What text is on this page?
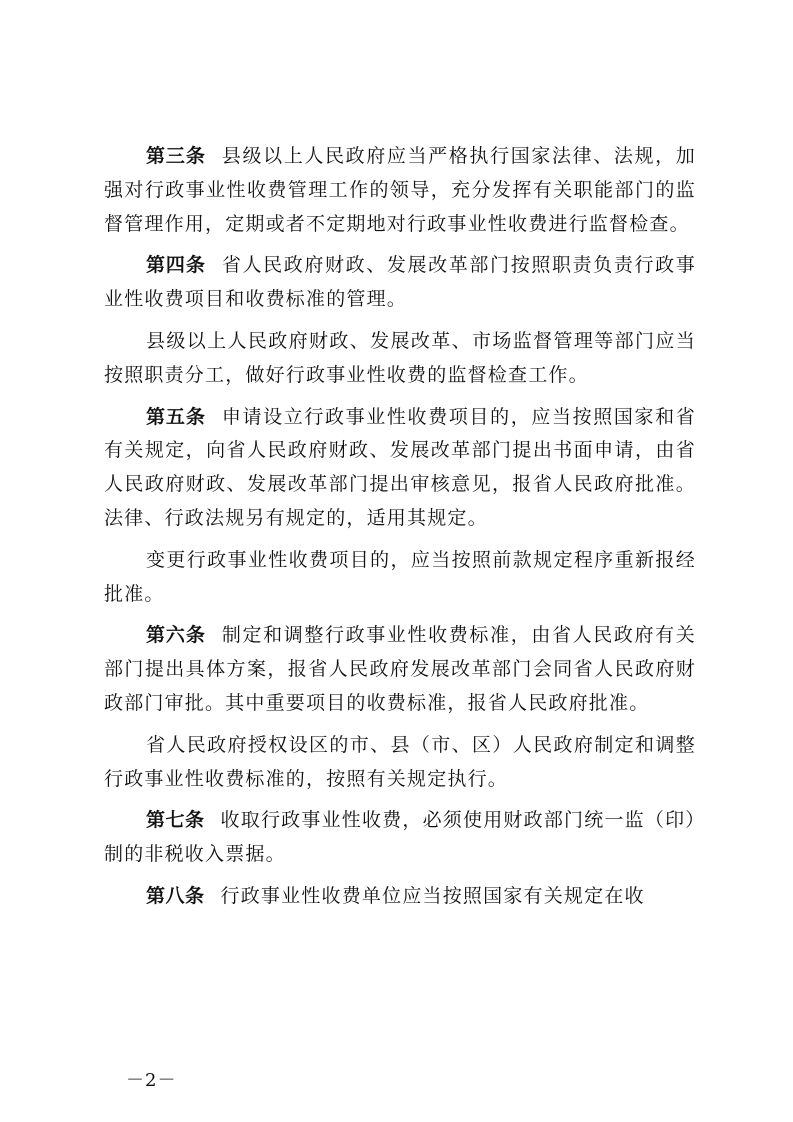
第三条 县级以上人民政府应当严格执行国家法律、法规，加强对行政事业性收费管理工作的领导，充分发挥有关职能部门的监督管理作用，定期或者不定期地对行政事业性收费进行监督检查。

第四条 省人民政府财政、发展改革部门按照职责负责行政事业性收费项目和收费标准的管理。

县级以上人民政府财政、发展改革、市场监督管理等部门应当按照职责分工，做好行政事业性收费的监督检查工作。

第五条 申请设立行政事业性收费项目的，应当按照国家和省有关规定，向省人民政府财政、发展改革部门提出书面申请，由省人民政府财政、发展改革部门提出审核意见，报省人民政府批准。法律、行政法规另有规定的，适用其规定。

变更行政事业性收费项目的，应当按照前款规定程序重新报经批准。

第六条 制定和调整行政事业性收费标准，由省人民政府有关部门提出具体方案，报省人民政府发展改革部门会同省人民政府财政部门审批。其中重要项目的收费标准，报省人民政府批准。

省人民政府授权设区的市、县（市、区）人民政府制定和调整行政事业性收费标准的，按照有关规定执行。

第七条 收取行政事业性收费，必须使用财政部门统一监（印）制的非税收入票据。

第八条 行政事业性收费单位应当按照国家有关规定在收

－2－
